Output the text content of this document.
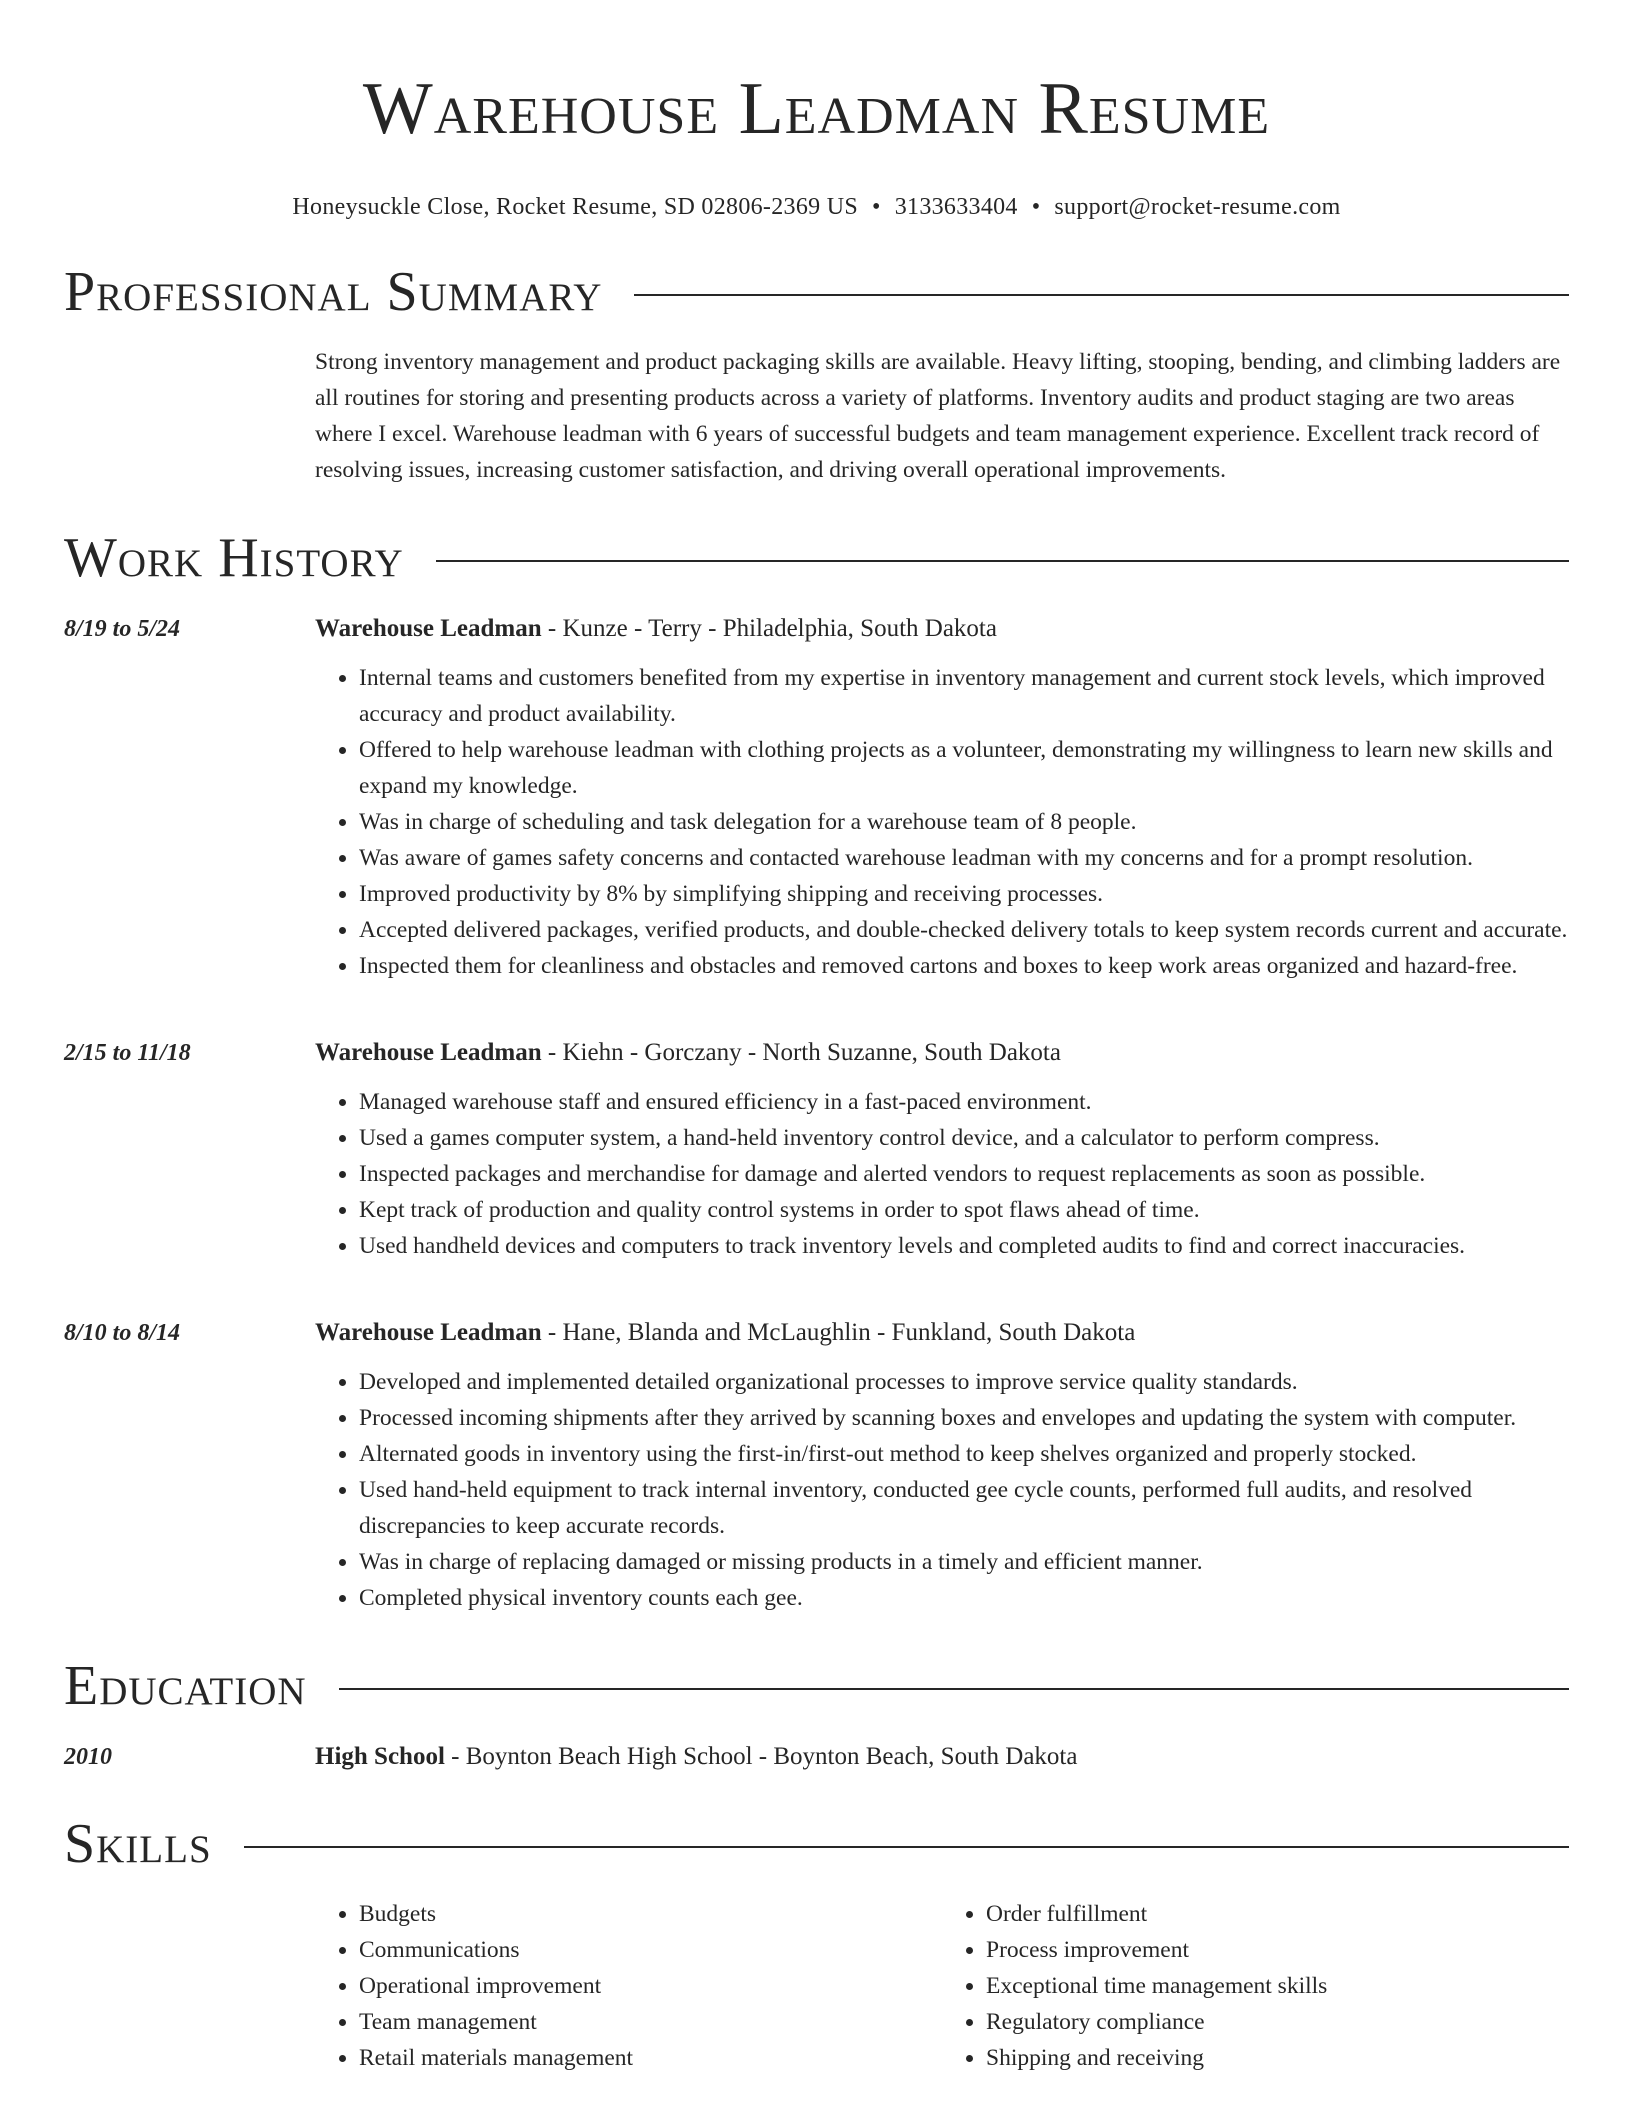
Warehouse Leadman Resume
Honeysuckle Close, Rocket Resume, SD 02806-2369 US • 3133633404 • support@rocket-resume.com
Professional Summary
Strong inventory management and product packaging skills are available. Heavy lifting, stooping, bending, and climbing ladders are all routines for storing and presenting products across a variety of platforms. Inventory audits and product staging are two areas where I excel. Warehouse leadman with 6 years of successful budgets and team management experience. Excellent track record of resolving issues, increasing customer satisfaction, and driving overall operational improvements.
Work History
8/19 to 5/24	Warehouse Leadman - Kunze - Terry - Philadelphia, South Dakota
• Internal teams and customers benefited from my expertise in inventory management and current stock levels, which improved accuracy and product availability.
• Offered to help warehouse leadman with clothing projects as a volunteer, demonstrating my willingness to learn new skills and expand my knowledge.
• Was in charge of scheduling and task delegation for a warehouse team of 8 people.
• Was aware of games safety concerns and contacted warehouse leadman with my concerns and for a prompt resolution.
• Improved productivity by 8% by simplifying shipping and receiving processes.
• Accepted delivered packages, verified products, and double-checked delivery totals to keep system records current and accurate.
• Inspected them for cleanliness and obstacles and removed cartons and boxes to keep work areas organized and hazard-free.
2/15 to 11/18	Warehouse Leadman - Kiehn - Gorczany - North Suzanne, South Dakota
• Managed warehouse staff and ensured efficiency in a fast-paced environment.
• Used a games computer system, a hand-held inventory control device, and a calculator to perform compress.
• Inspected packages and merchandise for damage and alerted vendors to request replacements as soon as possible.
• Kept track of production and quality control systems in order to spot flaws ahead of time.
• Used handheld devices and computers to track inventory levels and completed audits to find and correct inaccuracies.
8/10 to 8/14	Warehouse Leadman - Hane, Blanda and McLaughlin - Funkland, South Dakota
• Developed and implemented detailed organizational processes to improve service quality standards.
• Processed incoming shipments after they arrived by scanning boxes and envelopes and updating the system with computer.
• Alternated goods in inventory using the first-in/first-out method to keep shelves organized and properly stocked.
• Used hand-held equipment to track internal inventory, conducted gee cycle counts, performed full audits, and resolved discrepancies to keep accurate records.
• Was in charge of replacing damaged or missing products in a timely and efficient manner.
• Completed physical inventory counts each gee.
Education
2010	High School - Boynton Beach High School - Boynton Beach, South Dakota
Skills
• Budgets
• Communications
• Operational improvement
• Team management
• Retail materials management
• Order fulfillment
• Process improvement
• Exceptional time management skills
• Regulatory compliance
• Shipping and receiving
